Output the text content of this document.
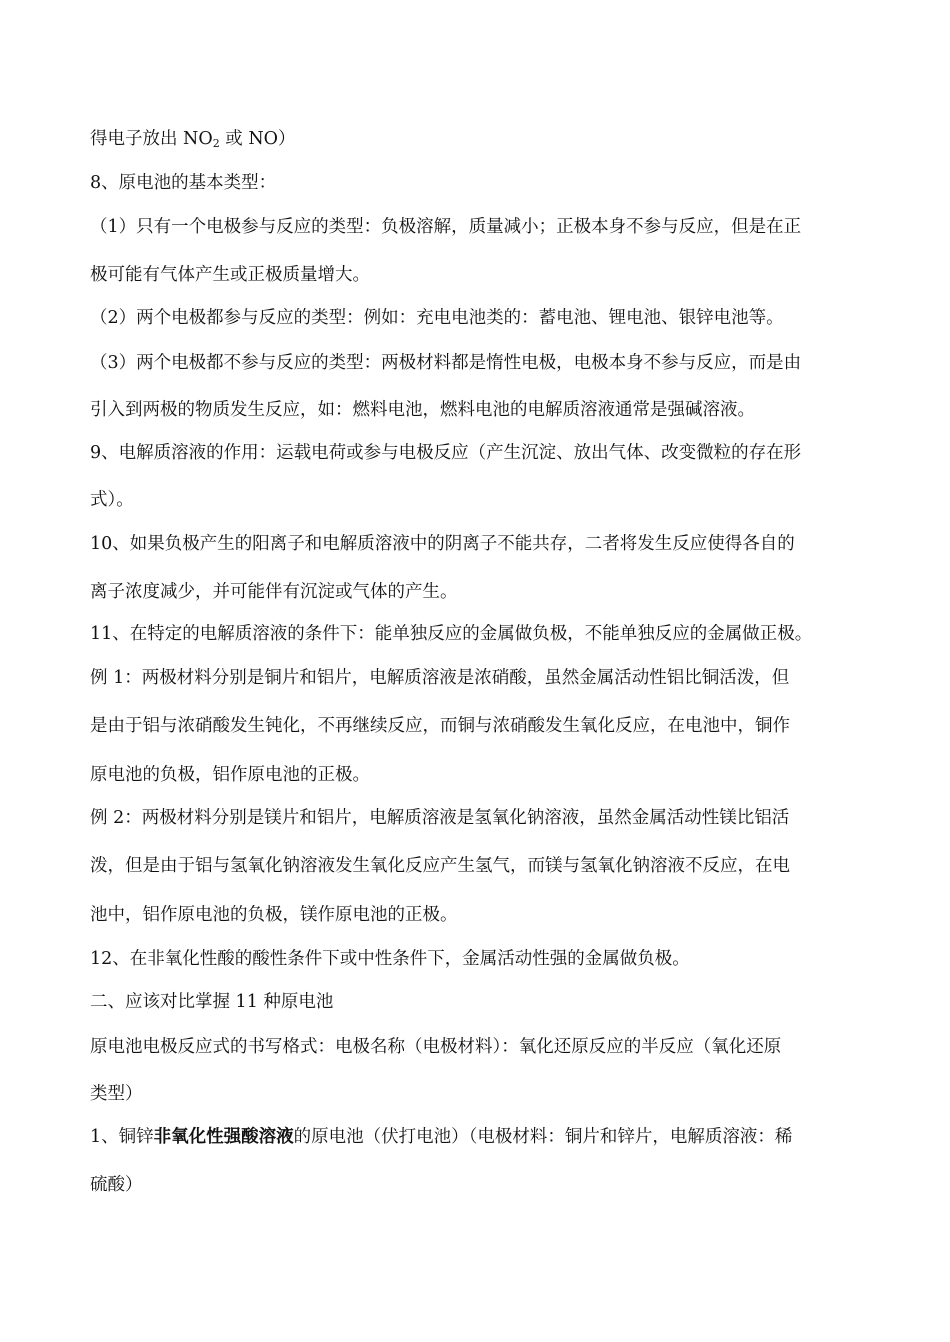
得电子放出 $NO_2$ 或 NO）
8、原电池的基本类型：
（1）只有一个电极参与反应的类型：负极溶解，质量减小；正极本身不参与反应，但是在正
极可能有气体产生或正极质量增大。
（2）两个电极都参与反应的类型：例如：充电电池类的：蓄电池、锂电池、银锌电池等。
（3）两个电极都不参与反应的类型：两极材料都是惰性电极，电极本身不参与反应，而是由
引入到两极的物质发生反应，如：燃料电池，燃料电池的电解质溶液通常是强碱溶液。
9、电解质溶液的作用：运载电荷或参与电极反应（产生沉淀、放出气体、改变微粒的存在形
式）。
10、如果负极产生的阳离子和电解质溶液中的阴离子不能共存，二者将发生反应使得各自的
离子浓度减少，并可能伴有沉淀或气体的产生。
11、在特定的电解质溶液的条件下：能单独反应的金属做负极，不能单独反应的金属做正极。
例 1：两极材料分别是铜片和铝片，电解质溶液是浓硝酸，虽然金属活动性铝比铜活泼，但
是由于铝与浓硝酸发生钝化，不再继续反应，而铜与浓硝酸发生氧化反应，在电池中，铜作
原电池的负极，铝作原电池的正极。
例 2：两极材料分别是镁片和铝片，电解质溶液是氢氧化钠溶液，虽然金属活动性镁比铝活
泼，但是由于铝与氢氧化钠溶液发生氧化反应产生氢气，而镁与氢氧化钠溶液不反应，在电
池中，铝作原电池的负极，镁作原电池的正极。
12、在非氧化性酸的酸性条件下或中性条件下，金属活动性强的金属做负极。
二、应该对比掌握 11 种原电池
原电池电极反应式的书写格式：电极名称（电极材料）：氧化还原反应的半反应（氧化还原
类型）
1、铜锌非氧化性强酸溶液的原电池（伏打电池）（电极材料：铜片和锌片，电解质溶液：稀
硫酸）
